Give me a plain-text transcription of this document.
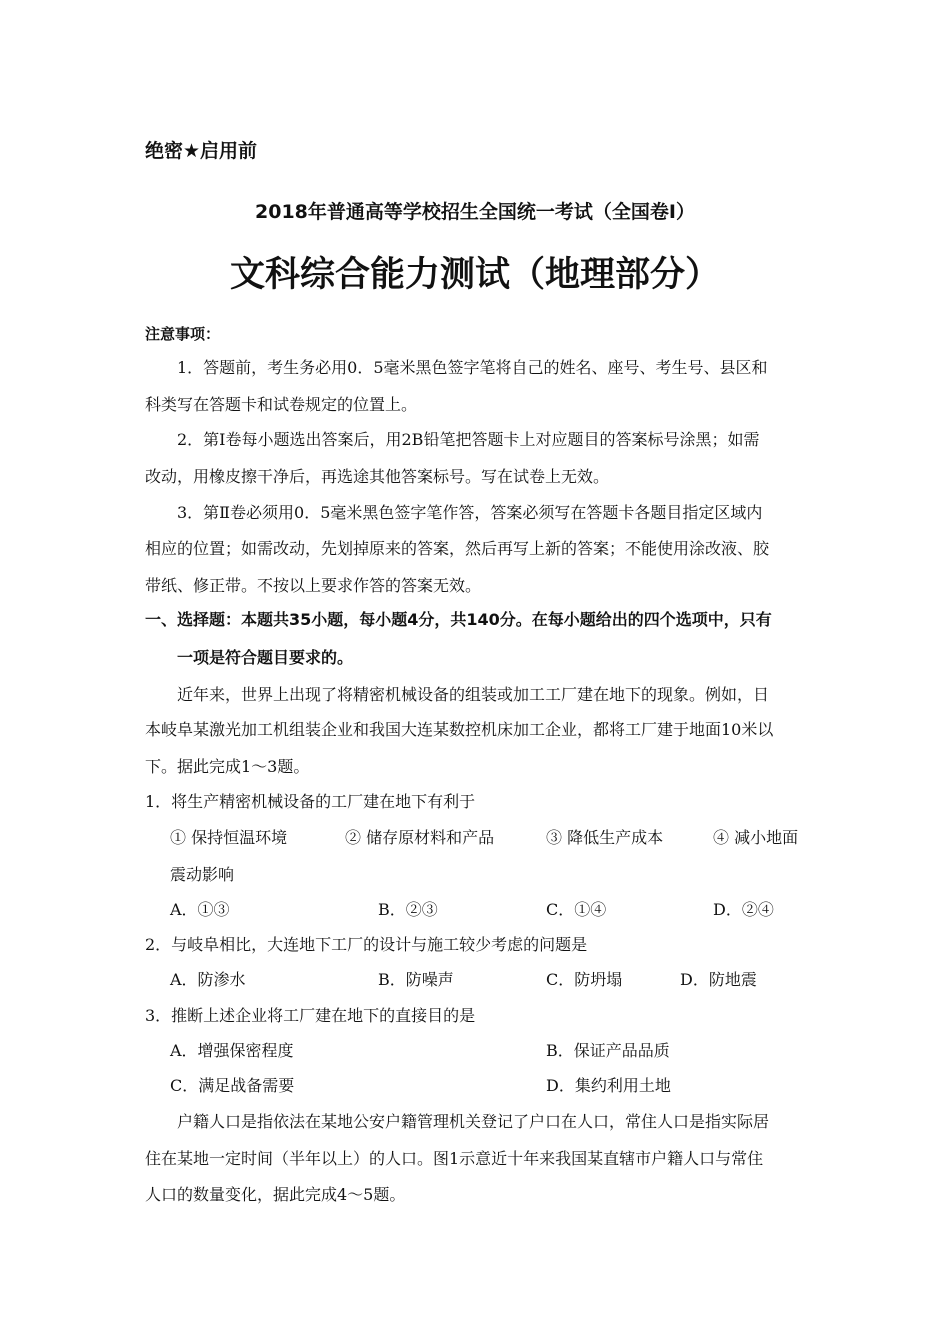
绝密★启用前
2018年普通高等学校招生全国统一考试（全国卷Ⅰ）
文科综合能力测试（地理部分）
注意事项：
1．答题前，考生务必用0．5毫米黑色签字笔将自己的姓名、座号、考生号、县区和
科类写在答题卡和试卷规定的位置上。
2．第Ⅰ卷每小题选出答案后，用2B铅笔把答题卡上对应题目的答案标号涂黑；如需
改动，用橡皮擦干净后，再选途其他答案标号。写在试卷上无效。
3．第Ⅱ卷必须用0．5毫米黑色签字笔作答，答案必须写在答题卡各题目指定区域内
相应的位置；如需改动，先划掉原来的答案，然后再写上新的答案；不能使用涂改液、胶
带纸、修正带。不按以上要求作答的答案无效。
一、选择题：本题共35小题，每小题4分，共140分。在每小题给出的四个选项中，只有
一项是符合题目要求的。
近年来，世界上出现了将精密机械设备的组装或加工工厂建在地下的现象。例如，日
本岐阜某激光加工机组装企业和我国大连某数控机床加工企业，都将工厂建于地面10米以
下。据此完成1～3题。
1．将生产精密机械设备的工厂建在地下有利于
① 保持恒温环境	② 储存原材料和产品	③ 降低生产成本	④ 减小地面
震动影响
A．①③	B．②③	C．①④	D．②④
2．与岐阜相比，大连地下工厂的设计与施工较少考虑的问题是
A．防渗水	B．防噪声	C．防坍塌	D．防地震
3．推断上述企业将工厂建在地下的直接目的是
A．增强保密程度	B．保证产品品质
C．满足战备需要	D．集约利用土地
户籍人口是指依法在某地公安户籍管理机关登记了户口在人口，常住人口是指实际居
住在某地一定时间（半年以上）的人口。图1示意近十年来我国某直辖市户籍人口与常住
人口的数量变化，据此完成4～5题。
